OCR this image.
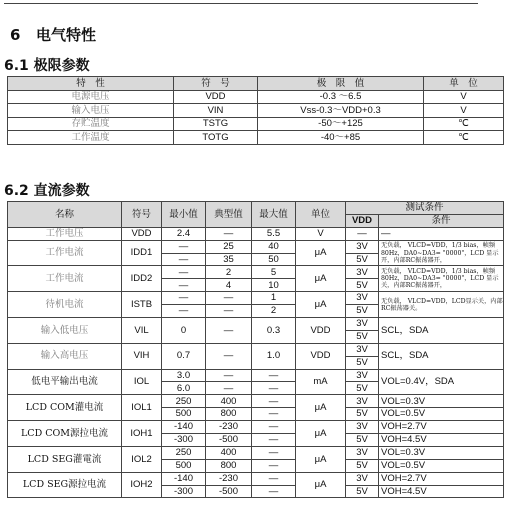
6 电气特性
6.1 极限参数
特　性	符　号	极　限　值	单　位
电源电压	VDD	-0.3 ～6.5	V
输入电压	VIN	Vss-0.3～VDD+0.3	V
存贮温度	TSTG	-50～+125	℃
工作温度	TOTG	-40～+85	℃
6.2 直流参数
名称	符号	最小值	典型值	最大值	单位	测试条件	
						VDD	条件
工作电压	VDD	2.4	—	5.5	V	—	—
工作电流	IDD1	—	25	40	μA	3V	无负载， VLCD=VDD，1/3 bias，帧频80Hz，DA0~DA3= "0000"，LCD 显示开，内部RC振荡器开，
		—	35	50		5V	
工作电流	IDD2	—	2	5	μA	3V	无负载， VLCD=VDD，1/3 bias，帧频80Hz，DA0~DA3= "0000"，LCD 显示关，内部RC振荡器开，
		—	4	10		5V	
待机电流	ISTB	—	—	1	μA	3V	无负载， VLCD=VDD，LCD显示关，内部RC振荡器关。
		—	—	2		5V	
输入低电压	VIL	0	—	0.3	VDD	3V	SCL，SDA
						5V	
输入高电压	VIH	0.7	—	1.0	VDD	3V	SCL，SDA
						5V	
低电平输出电流	IOL	3.0	—	—	mA	3V	VOL=0.4V，SDA
		6.0	—	—		5V	
LCD COM灌电流	IOL1	250	400	—	μA	3V	VOL=0.3V
		500	800	—		5V	VOL=0.5V
LCD COM源拉电流	IOH1	-140	-230	—	μA	3V	VOH=2.7V
		-300	-500	—		5V	VOH=4.5V
LCD SEG灌電流	IOL2	250	400	—	μA	3V	VOL=0.3V
		500	800	—		5V	VOL=0.5V
LCD SEG源拉电流	IOH2	-140	-230	—	μA	3V	VOH=2.7V
		-300	-500	—		5V	VOH=4.5V
